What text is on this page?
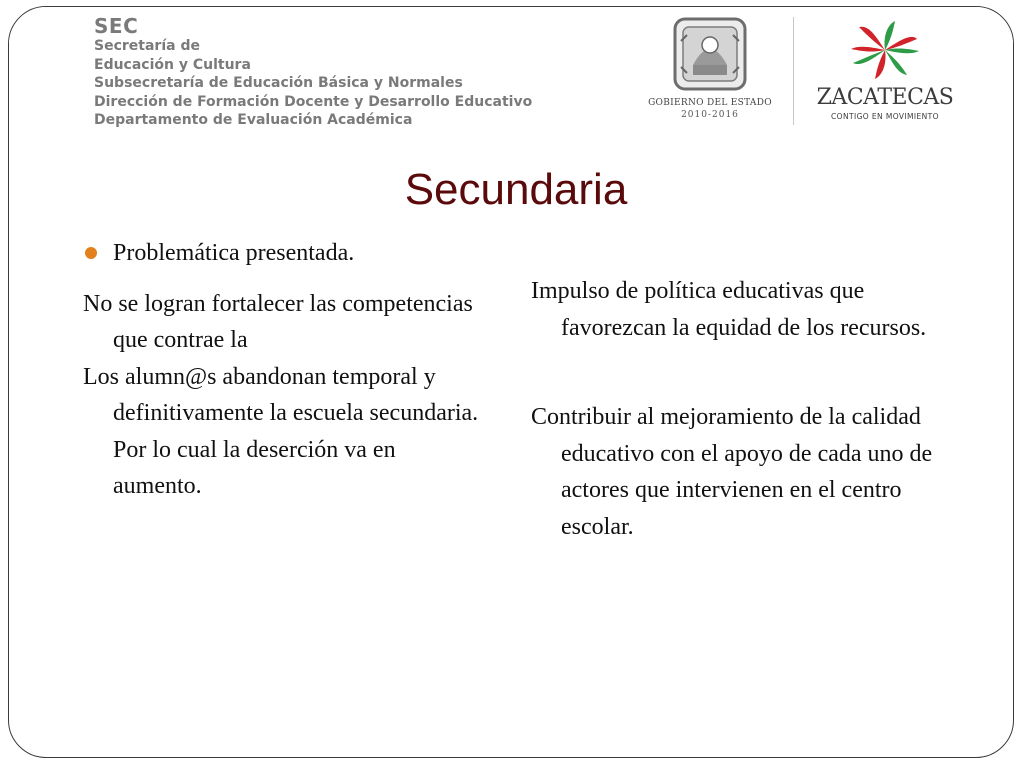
SEC
Secretaría de
Educación y Cultura
Subsecretaría de Educación Básica y Normales
Dirección de Formación Docente y Desarrollo Educativo
Departamento de Evaluación Académica
GOBIERNO DEL ESTADO
2010-2016
ZACATECAS
CONTIGO EN MOVIMIENTO
Secundaria
Problemática presentada.
No se logran fortalecer las competencias que contrae la
Los alumn@s abandonan temporal y definitivamente la escuela secundaria. Por lo cual la deserción va en aumento.
Impulso de política educativas que favorezcan la equidad de los recursos.
Contribuir al mejoramiento de la calidad educativo con el apoyo de cada uno de actores que intervienen en el centro escolar.
